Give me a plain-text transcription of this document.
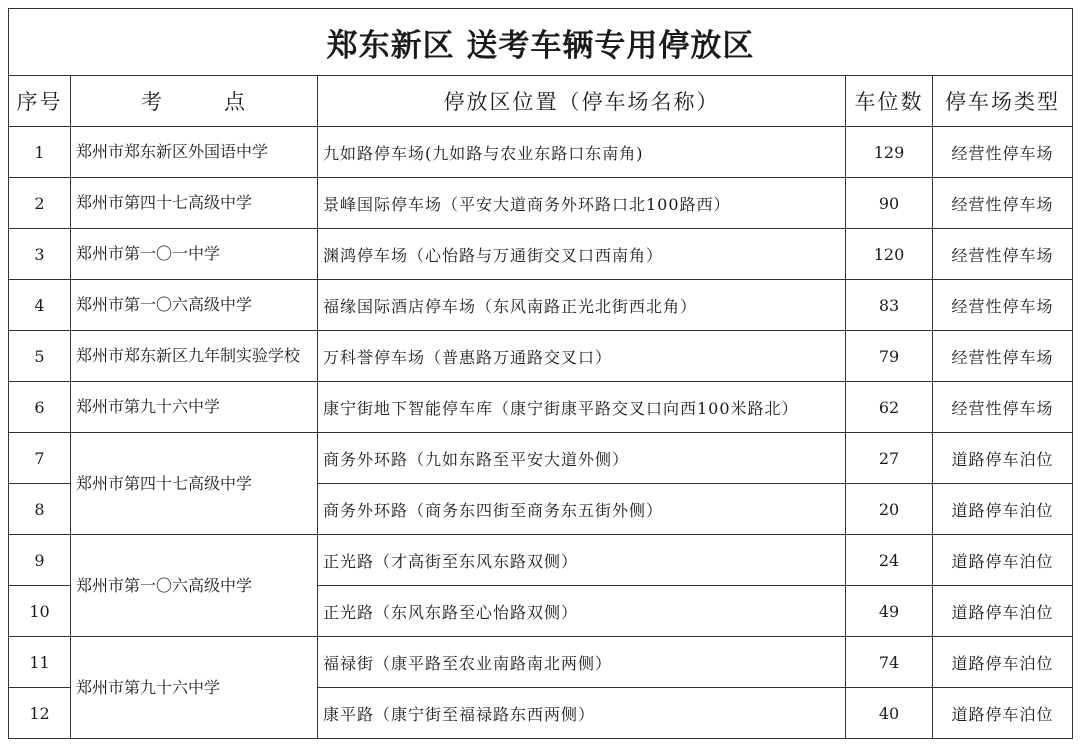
郑东新区 送考车辆专用停放区				
序号	考 点	停放区位置（停车场名称）	车位数	停车场类型
1	郑州市郑东新区外国语中学	九如路停车场(九如路与农业东路口东南角)	129	经营性停车场
2	郑州市第四十七高级中学	景峰国际停车场（平安大道商务外环路口北100路西）	90	经营性停车场
3	郑州市第一〇一中学	渊鸿停车场（心怡路与万通街交叉口西南角）	120	经营性停车场
4	郑州市第一〇六高级中学	福缘国际酒店停车场（东风南路正光北街西北角）	83	经营性停车场
5	郑州市郑东新区九年制实验学校	万科誉停车场（普惠路万通路交叉口）	79	经营性停车场
6	郑州市第九十六中学	康宁街地下智能停车库（康宁街康平路交叉口向西100米路北）	62	经营性停车场
7	郑州市第四十七高级中学	商务外环路（九如东路至平安大道外侧）	27	道路停车泊位
8		商务外环路（商务东四街至商务东五街外侧）	20	道路停车泊位
9	郑州市第一〇六高级中学	正光路（才高街至东风东路双侧）	24	道路停车泊位
10		正光路（东风东路至心怡路双侧）	49	道路停车泊位
11	郑州市第九十六中学	福禄街（康平路至农业南路南北两侧）	74	道路停车泊位
12		康平路（康宁街至福禄路东西两侧）	40	道路停车泊位
